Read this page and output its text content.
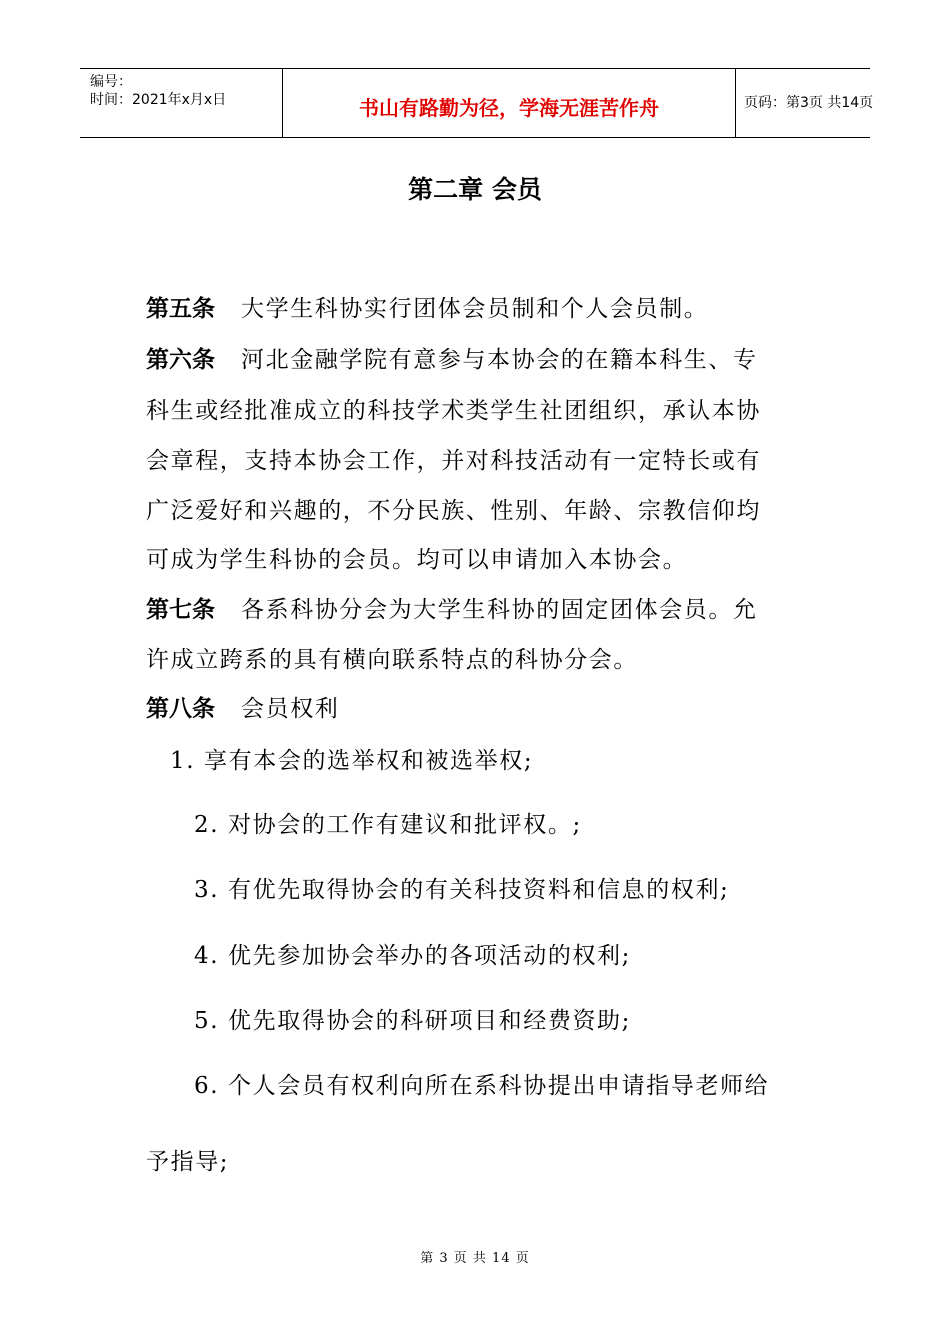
编号：
时间：2021年x月x日	书山有路勤为径，学海无涯苦作舟	页码：第3页 共14页
第二章 会员
第五条 大学生科协实行团体会员制和个人会员制。
第六条 河北金融学院有意参与本协会的在籍本科生、专
科生或经批准成立的科技学术类学生社团组织，承认本协
会章程，支持本协会工作，并对科技活动有一定特长或有
广泛爱好和兴趣的，不分民族、性别、年龄、宗教信仰均
可成为学生科协的会员。均可以申请加入本协会。
第七条 各系科协分会为大学生科协的固定团体会员。允
许成立跨系的具有横向联系特点的科协分会。
第八条 会员权利
1. 享有本会的选举权和被选举权;
2. 对协会的工作有建议和批评权。;
3. 有优先取得协会的有关科技资料和信息的权利;
4. 优先参加协会举办的各项活动的权利;
5. 优先取得协会的科研项目和经费资助;
6. 个人会员有权利向所在系科协提出申请指导老师给
予指导;
第 3 页 共 14 页
